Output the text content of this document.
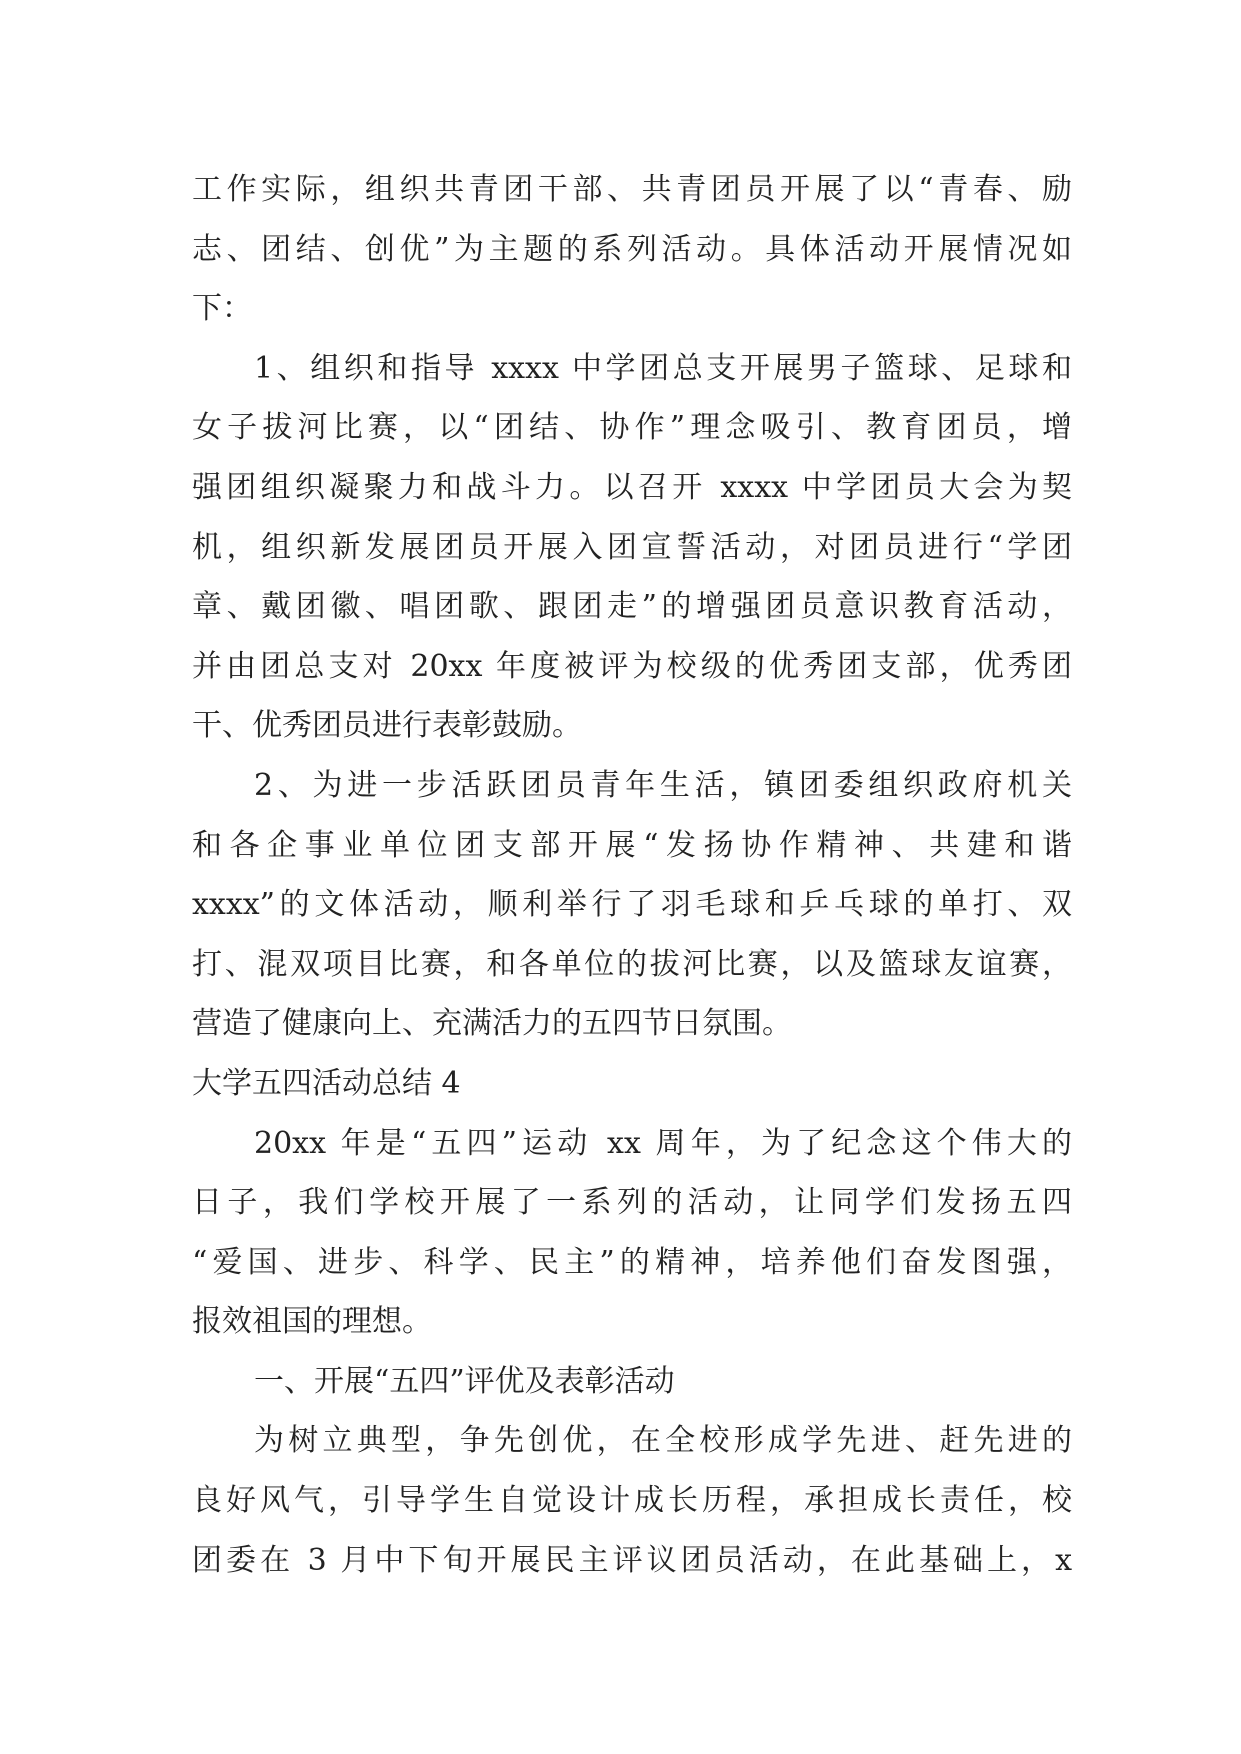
工作实际，组织共青团干部、共青团员开展了以“青春、励
志、团结、创优”为主题的系列活动。具体活动开展情况如
下：
1、组织和指导 xxxx 中学团总支开展男子篮球、足球和
女子拔河比赛，以“团结、协作”理念吸引、教育团员，增
强团组织凝聚力和战斗力。以召开 xxxx 中学团员大会为契
机，组织新发展团员开展入团宣誓活动，对团员进行“学团
章、戴团徽、唱团歌、跟团走”的增强团员意识教育活动，
并由团总支对 20xx 年度被评为校级的优秀团支部，优秀团
干、优秀团员进行表彰鼓励。
2、为进一步活跃团员青年生活，镇团委组织政府机关
和各企事业单位团支部开展“发扬协作精神、共建和谐
xxxx”的文体活动，顺利举行了羽毛球和乒乓球的单打、双
打、混双项目比赛，和各单位的拔河比赛，以及篮球友谊赛，
营造了健康向上、充满活力的五四节日氛围。
大学五四活动总结 4
20xx 年是“五四”运动 xx 周年，为了纪念这个伟大的
日子，我们学校开展了一系列的活动，让同学们发扬五四
“爱国、进步、科学、民主”的精神，培养他们奋发图强，
报效祖国的理想。
一、开展“五四”评优及表彰活动
为树立典型，争先创优，在全校形成学先进、赶先进的
良好风气，引导学生自觉设计成长历程，承担成长责任，校
团委在 3 月中下旬开展民主评议团员活动，在此基础上，x
